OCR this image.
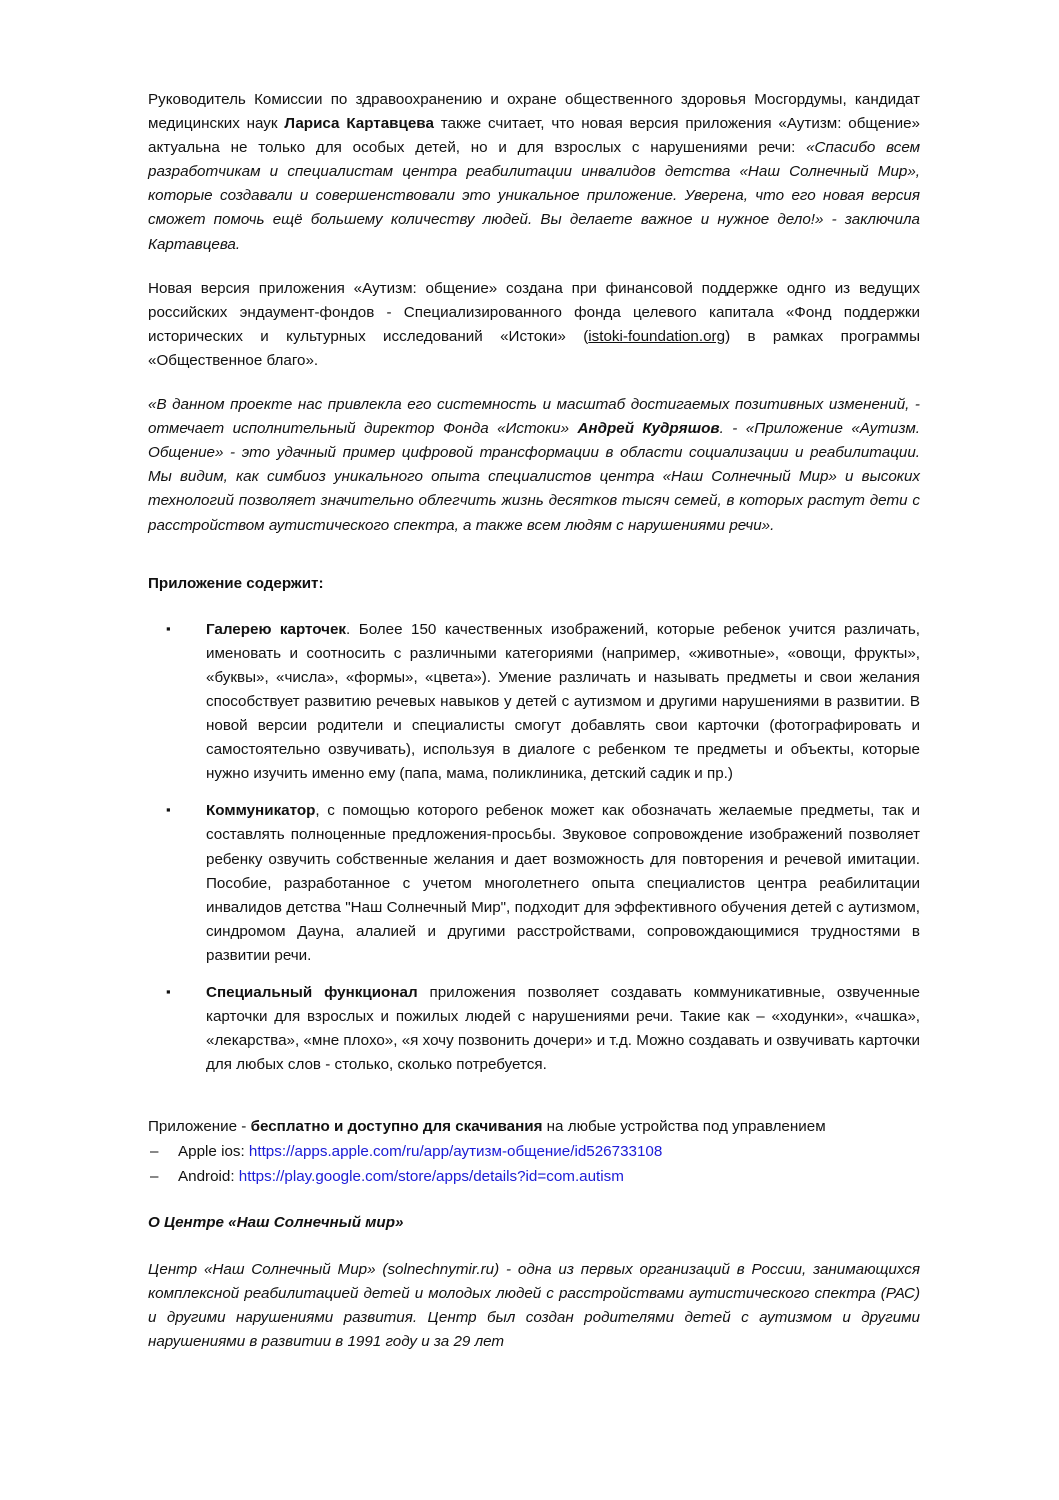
Руководитель Комиссии по здравоохранению и охране общественного здоровья Мосгордумы, кандидат медицинских наук Лариса Картавцева также считает, что новая версия приложения «Аутизм: общение» актуальна не только для особых детей, но и для взрослых с нарушениями речи: «Спасибо всем разработчикам и специалистам центра реабилитации инвалидов детства «Наш Солнечный Мир», которые создавали и совершенствовали это уникальное приложение. Уверена, что его новая версия сможет помочь ещё большему количеству людей. Вы делаете важное и нужное дело!» - заключила Картавцева.

Новая версия приложения «Аутизм: общение» создана при финансовой поддержке однго из ведущих российских эндаумент-фондов - Специализированного фонда целевого капитала «Фонд поддержки исторических и культурных исследований «Истоки» (istoki-foundation.org) в рамках программы «Общественное благо».

«В данном проекте нас привлекла его системность и масштаб достигаемых позитивных изменений, - отмечает исполнительный директор Фонда «Истоки» Андрей Кудряшов. - «Приложение «Аутизм. Общение» - это удачный пример цифровой трансформации в области социализации и реабилитации. Мы видим, как симбиоз уникального опыта специалистов центра «Наш Солнечный Мир» и высоких технологий позволяет значительно облегчить жизнь десятков тысяч семей, в которых растут дети с расстройством аутистического спектра, а также всем людям с нарушениями речи».

Приложение содержит:

▪ Галерею карточек. Более 150 качественных изображений, которые ребенок учится различать, именовать и соотносить с различными категориями (например, «животные», «овощи, фрукты», «буквы», «числа», «формы», «цвета»). Умение различать и называть предметы и свои желания способствует развитию речевых навыков у детей с аутизмом и другими нарушениями в развитии. В новой версии родители и специалисты смогут добавлять свои карточки (фотографировать и самостоятельно озвучивать), используя в диалоге с ребенком те предметы и объекты, которые нужно изучить именно ему (папа, мама, поликлиника, детский садик и пр.)
▪ Коммуникатор, с помощью которого ребенок может как обозначать желаемые предметы, так и составлять полноценные предложения-просьбы. Звуковое сопровождение изображений позволяет ребенку озвучить собственные желания и дает возможность для повторения и речевой имитации. Пособие, разработанное с учетом многолетнего опыта специалистов центра реабилитации инвалидов детства "Наш Солнечный Мир", подходит для эффективного обучения детей с аутизмом, синдромом Дауна, алалией и другими расстройствами, сопровождающимися трудностями в развитии речи.
▪ Специальный функционал приложения позволяет создавать коммуникативные, озвученные карточки для взрослых и пожилых людей с нарушениями речи. Такие как – «ходунки», «чашка», «лекарства», «мне плохо», «я хочу позвонить дочери» и т.д. Можно создавать и озвучивать карточки для любых слов - столько, сколько потребуется.

Приложение - бесплатно и доступно для скачивания на любые устройства под управлением

– Apple ios: https://apps.apple.com/ru/app/аутизм-общение/id526733108
– Android: https://play.google.com/store/apps/details?id=com.autism

О Центре «Наш Солнечный мир»

Центр «Наш Солнечный Мир» (solnechnymir.ru) - одна из первых организаций в России, занимающихся комплексной реабилитацией детей и молодых людей с расстройствами аутистического спектра (РАС) и другими нарушениями развития. Центр был создан родителями детей с аутизмом и другими нарушениями в развитии в 1991 году и за 29 лет
